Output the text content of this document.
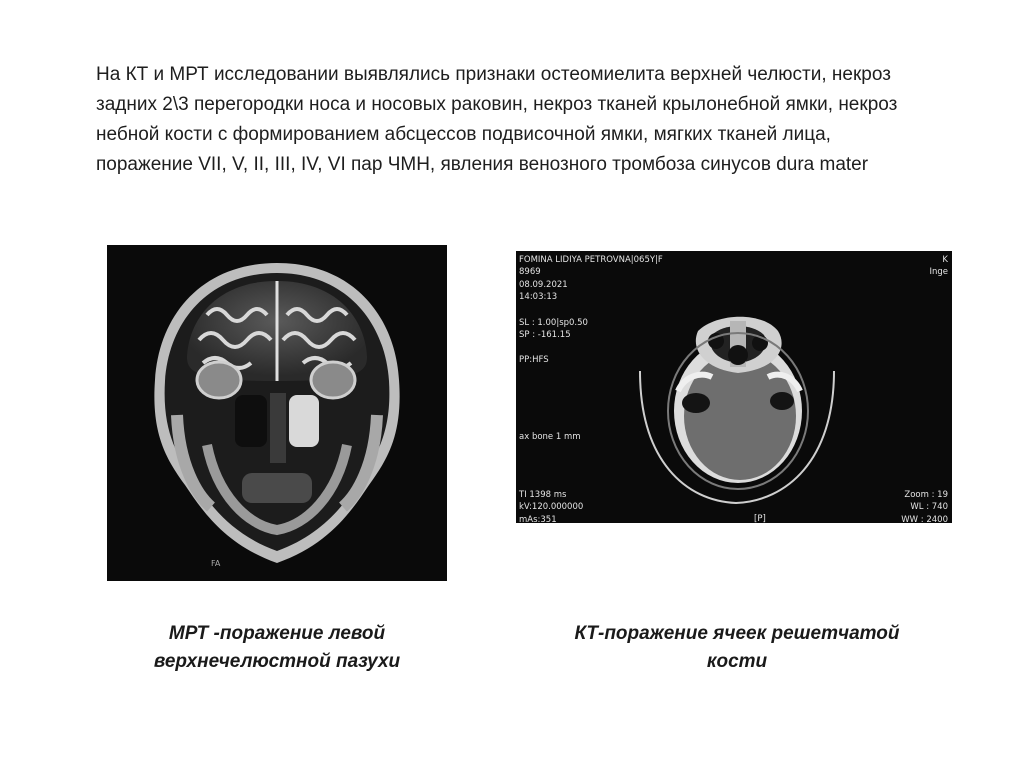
На КТ и МРТ исследовании выявлялись признаки остеомиелита верхней челюсти, некроз задних 2\3 перегородки носа и носовых раковин, некроз тканей крылонебной ямки, некроз небной кости с формированием абсцессов подвисочной ямки, мягких тканей лица, поражение VII, V, II, III, IV, VI пар ЧМН, явления венозного тромбоза синусов dura mater
FA
FOMINA LIDIYA PETROVNA|065Y|F
8969
08.09.2021
14:03:13
K
Inge
SL : 1.00|sp0.50
SP : -161.15

PP:HFS
ax bone 1 mm
TI 1398 ms
kV:120.000000
mAs:351
Zoom : 19
WL : 740
WW : 2400
[P]
МРТ -поражение левой
верхнечелюстной пазухи
КТ-поражение ячеек решетчатой
кости
